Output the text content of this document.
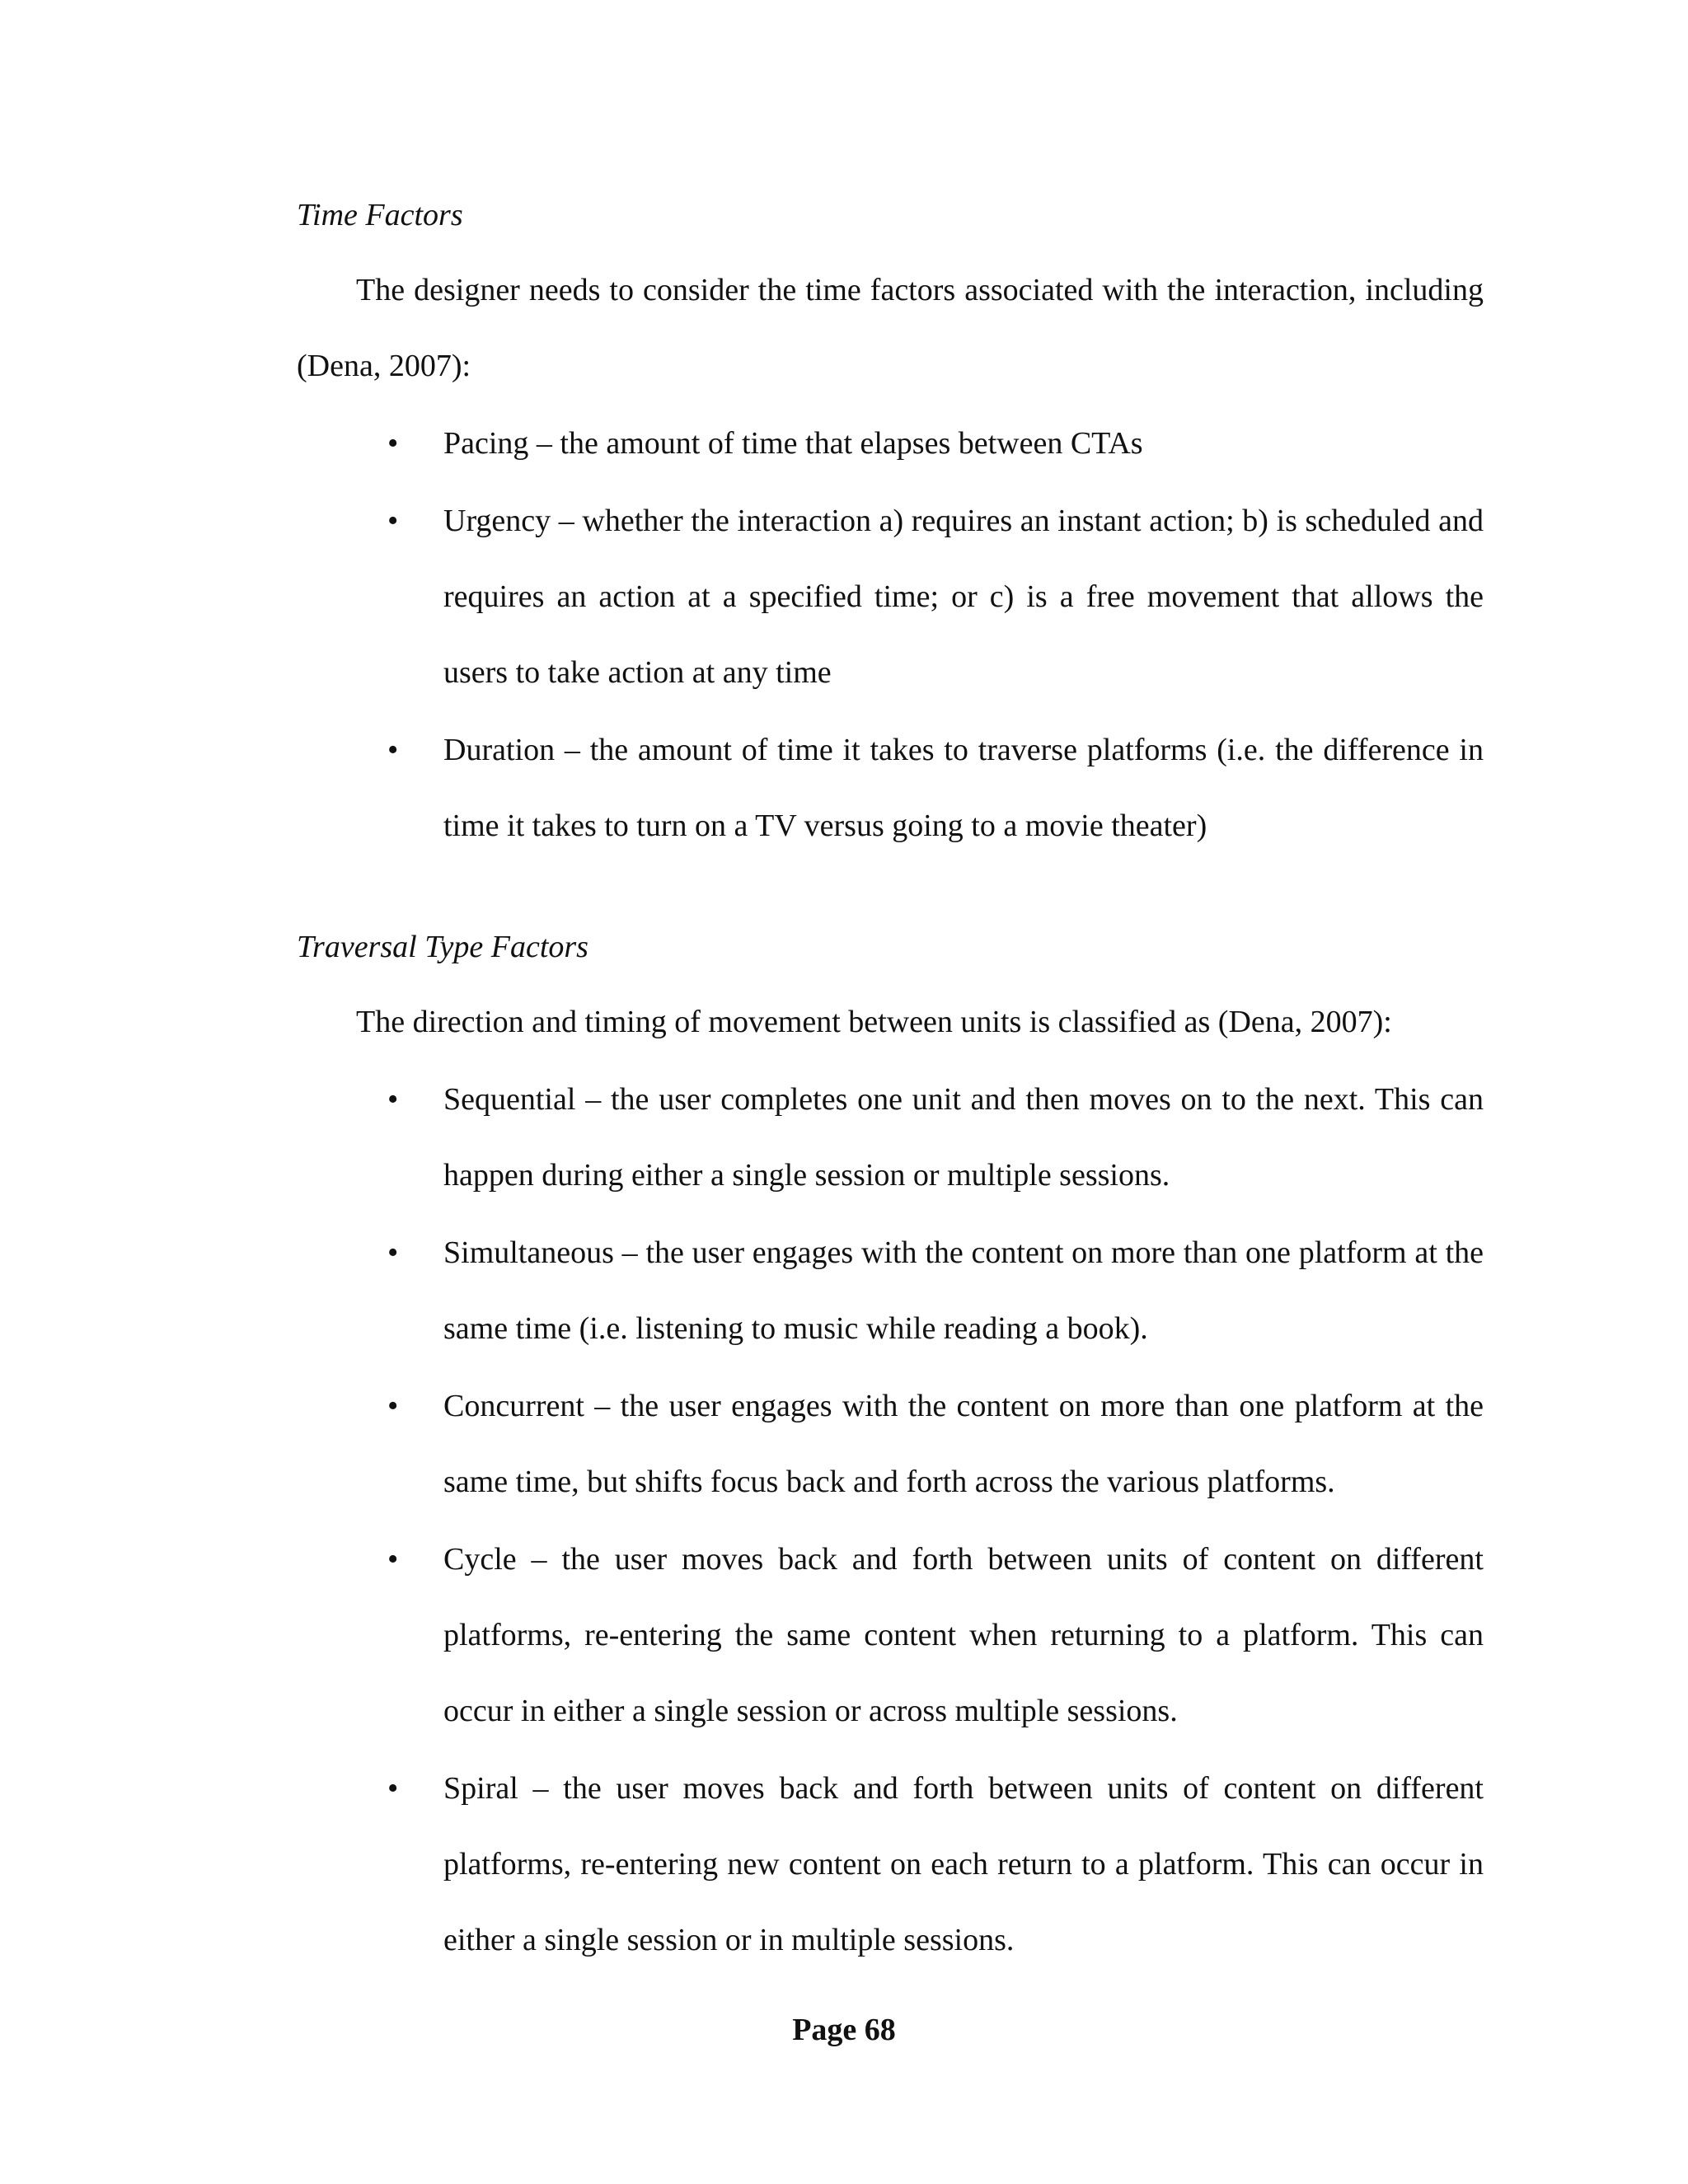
Time Factors

The designer needs to consider the time factors associated with the interaction, including (Dena, 2007):

• Pacing – the amount of time that elapses between CTAs
• Urgency – whether the interaction a) requires an instant action; b) is scheduled and requires an action at a specified time; or c) is a free movement that allows the users to take action at any time
• Duration – the amount of time it takes to traverse platforms (i.e. the difference in time it takes to turn on a TV versus going to a movie theater)
Traversal Type Factors

The direction and timing of movement between units is classified as (Dena, 2007):

• Sequential – the user completes one unit and then moves on to the next. This can happen during either a single session or multiple sessions.
• Simultaneous – the user engages with the content on more than one platform at the same time (i.e. listening to music while reading a book).
• Concurrent – the user engages with the content on more than one platform at the same time, but shifts focus back and forth across the various platforms.
• Cycle – the user moves back and forth between units of content on different platforms, re-entering the same content when returning to a platform. This can occur in either a single session or across multiple sessions.
• Spiral – the user moves back and forth between units of content on different platforms, re-entering new content on each return to a platform. This can occur in either a single session or in multiple sessions.

Page 68
